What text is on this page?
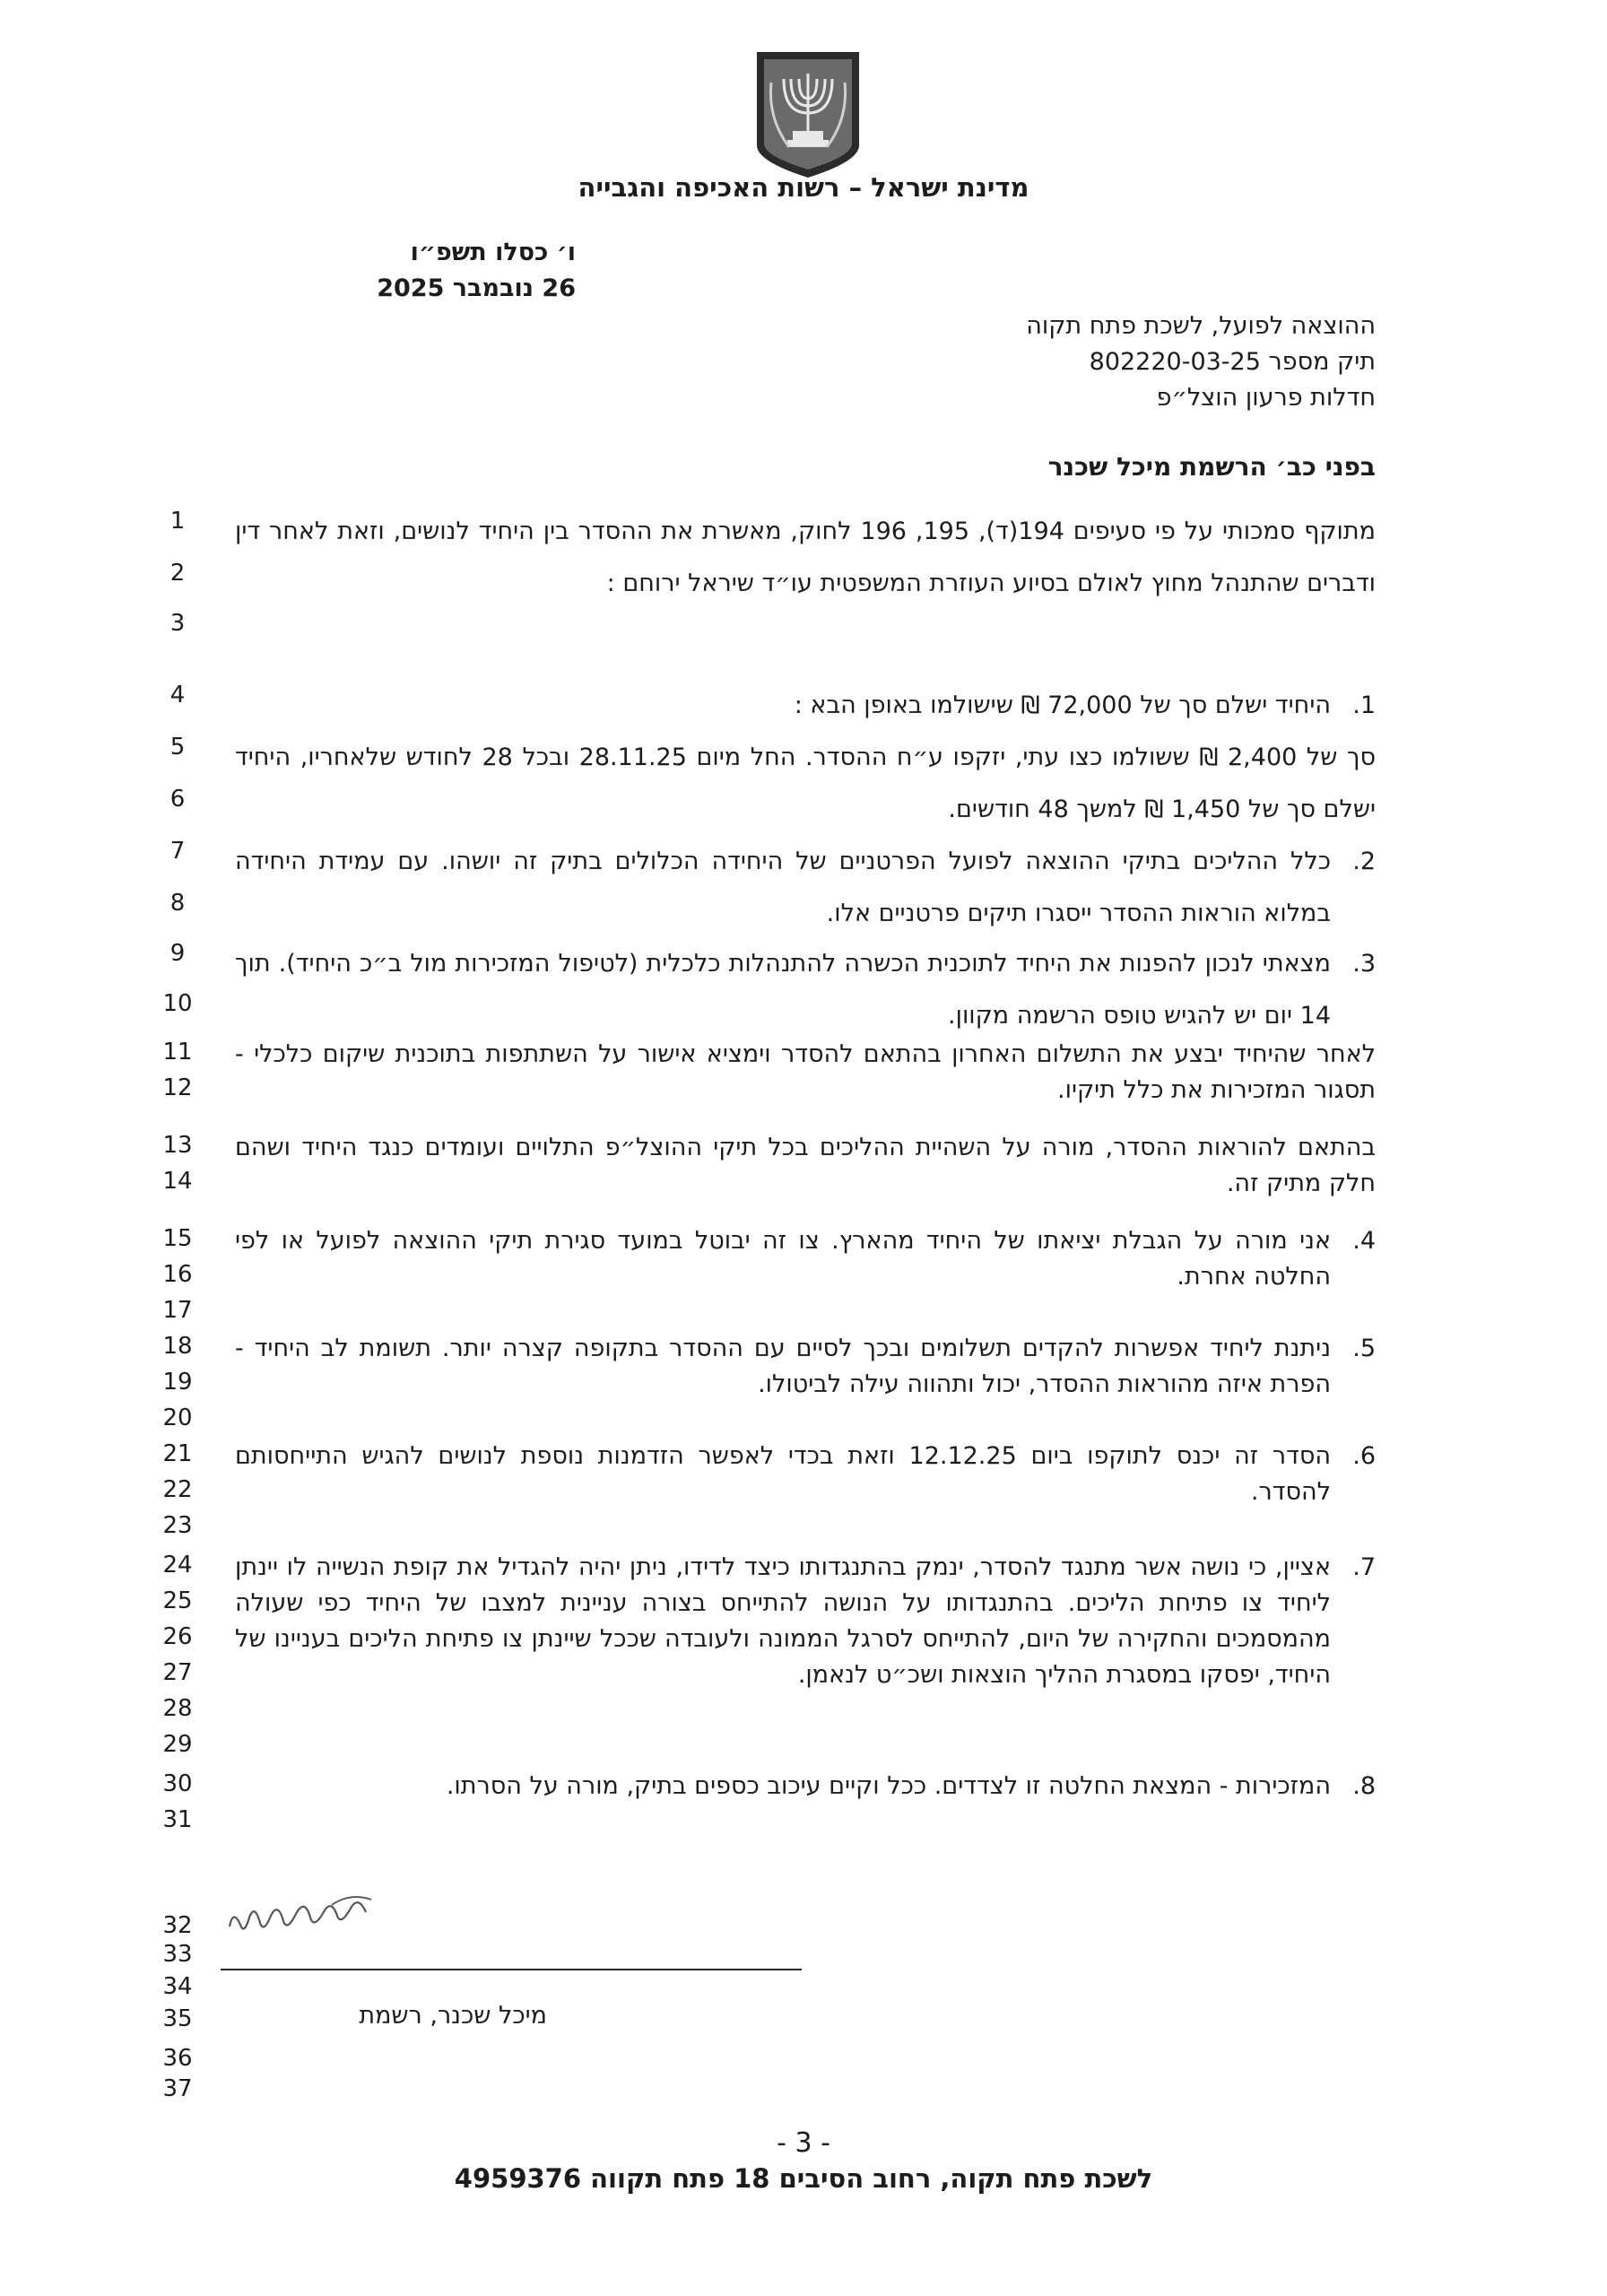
מדינת ישראל – רשות האכיפה והגבייה
ו׳ כסלו תשפ״ו
26 נובמבר 2025
ההוצאה לפועל, לשכת פתח תקוה
תיק מספר 802220-03-25
חדלות פרעון הוצל״פ
בפני כב׳ הרשמת מיכל שכנר
1
2
3
4
5
6
7
8
9
10
11
12
13
14
15
16
17
18
19
20
21
22
23
24
25
26
27
28
29
30
31
32
33
34
35
36
37

מתוקף סמכותי על פי סעיפים 194(ד), 195, 196 לחוק, מאשרת את ההסדר בין היחיד לנושים, וזאת לאחר דין ודברים שהתנהל מחוץ לאולם בסיוע העוזרת המשפטית עו״ד שיראל ירוחם :

1.

היחיד ישלם סך של 72,000 ₪ שישולמו באופן הבא :

סך של 2,400 ₪ ששולמו כצו עתי, יזקפו ע״ח ההסדר. החל מיום 28.11.25 ובכל 28 לחודש שלאחריו, היחיד ישלם סך של 1,450 ₪ למשך 48 חודשים.

2.

כלל ההליכים בתיקי ההוצאה לפועל הפרטניים של היחידה הכלולים בתיק זה יושהו. עם עמידת היחידה במלוא הוראות ההסדר ייסגרו תיקים פרטניים אלו.

3.

מצאתי לנכון להפנות את היחיד לתוכנית הכשרה להתנהלות כלכלית (לטיפול המזכירות מול ב״כ היחיד). תוך 14 יום יש להגיש טופס הרשמה מקוון.

לאחר שהיחיד יבצע את התשלום האחרון בהתאם להסדר וימציא אישור על השתתפות בתוכנית שיקום כלכלי - תסגור המזכירות את כלל תיקיו.

בהתאם להוראות ההסדר, מורה על השהיית ההליכים בכל תיקי ההוצל״פ התלויים ועומדים כנגד היחיד ושהם חלק מתיק זה.

4.

אני מורה על הגבלת יציאתו של היחיד מהארץ. צו זה יבוטל במועד סגירת תיקי ההוצאה לפועל או לפי החלטה אחרת.

5.

ניתנת ליחיד אפשרות להקדים תשלומים ובכך לסיים עם ההסדר בתקופה קצרה יותר. תשומת לב היחיד - הפרת איזה מהוראות ההסדר, יכול ותהווה עילה לביטולו.

6.

הסדר זה יכנס לתוקפו ביום 12.12.25 וזאת בכדי לאפשר הזדמנות נוספת לנושים להגיש התייחסותם להסדר.

7.

אציין, כי נושה אשר מתנגד להסדר, ינמק בהתנגדותו כיצד לדידו, ניתן יהיה להגדיל את קופת הנשייה לו יינתן ליחיד צו פתיחת הליכים. בהתנגדותו על הנושה להתייחס בצורה עניינית למצבו של היחיד כפי שעולה מהמסמכים והחקירה של היום, להתייחס לסרגל הממונה ולעובדה שככל שיינתן צו פתיחת הליכים בעניינו של היחיד, יפסקו במסגרת ההליך הוצאות ושכ״ט לנאמן.

8.

המזכירות - המצאת החלטה זו לצדדים. ככל וקיים עיכוב כספים בתיק, מורה על הסרתו.

מיכל שכנר, רשמת
- 3 -
לשכת פתח תקוה, רחוב הסיבים 18 פתח תקווה 4959376
